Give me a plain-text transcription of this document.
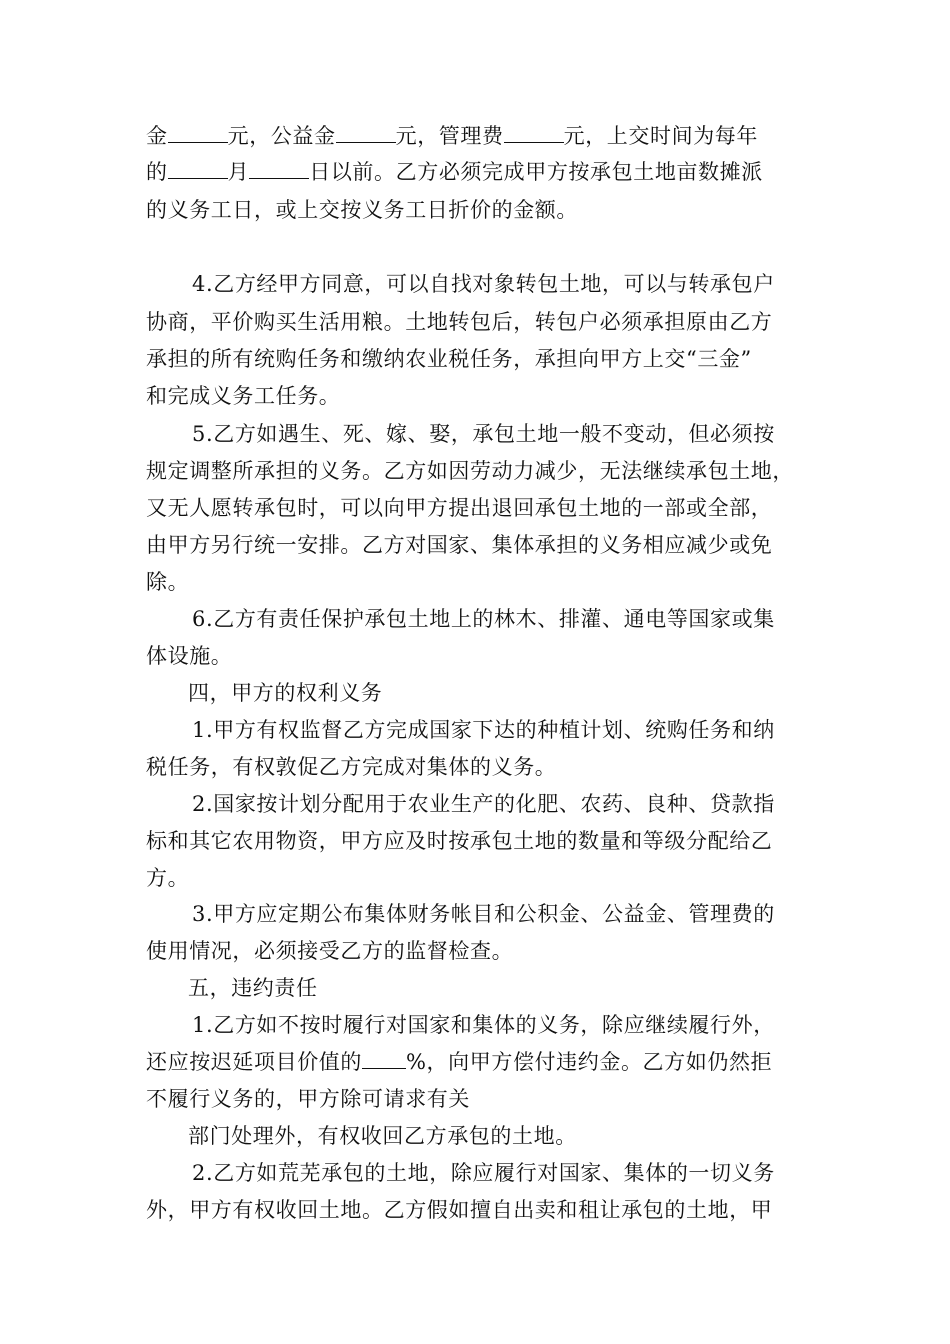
金	元，公益金	元，管理费	元，上交时间为每年
的	月	日以前。乙方必须完成甲方按承包土地亩数摊派
的义务工日，或上交按义务工日折价的金额。
4.乙方经甲方同意，可以自找对象转包土地，可以与转承包户
协商，平价购买生活用粮。土地转包后，转包户必须承担原由乙方
承担的所有统购任务和缴纳农业税任务，承担向甲方上交“三金”
和完成义务工任务。
5.乙方如遇生、死、嫁、娶，承包土地一般不变动，但必须按
规定调整所承担的义务。乙方如因劳动力减少，无法继续承包土地，
又无人愿转承包时，可以向甲方提出退回承包土地的一部或全部，
由甲方另行统一安排。乙方对国家、集体承担的义务相应减少或免
除。
6.乙方有责任保护承包土地上的林木、排灌、通电等国家或集
体设施。
四，甲方的权利义务
1.甲方有权监督乙方完成国家下达的种植计划、统购任务和纳
税任务，有权敦促乙方完成对集体的义务。
2.国家按计划分配用于农业生产的化肥、农药、良种、贷款指
标和其它农用物资，甲方应及时按承包土地的数量和等级分配给乙
方。
3.甲方应定期公布集体财务帐目和公积金、公益金、管理费的
使用情况，必须接受乙方的监督检查。
五，违约责任
1.乙方如不按时履行对国家和集体的义务，除应继续履行外，
还应按迟延项目价值的 %，向甲方偿付违约金。乙方如仍然拒
不履行义务的，甲方除可请求有关
部门处理外，有权收回乙方承包的土地。
2.乙方如荒芜承包的土地，除应履行对国家、集体的一切义务
外，甲方有权收回土地。乙方假如擅自出卖和租让承包的土地，甲
